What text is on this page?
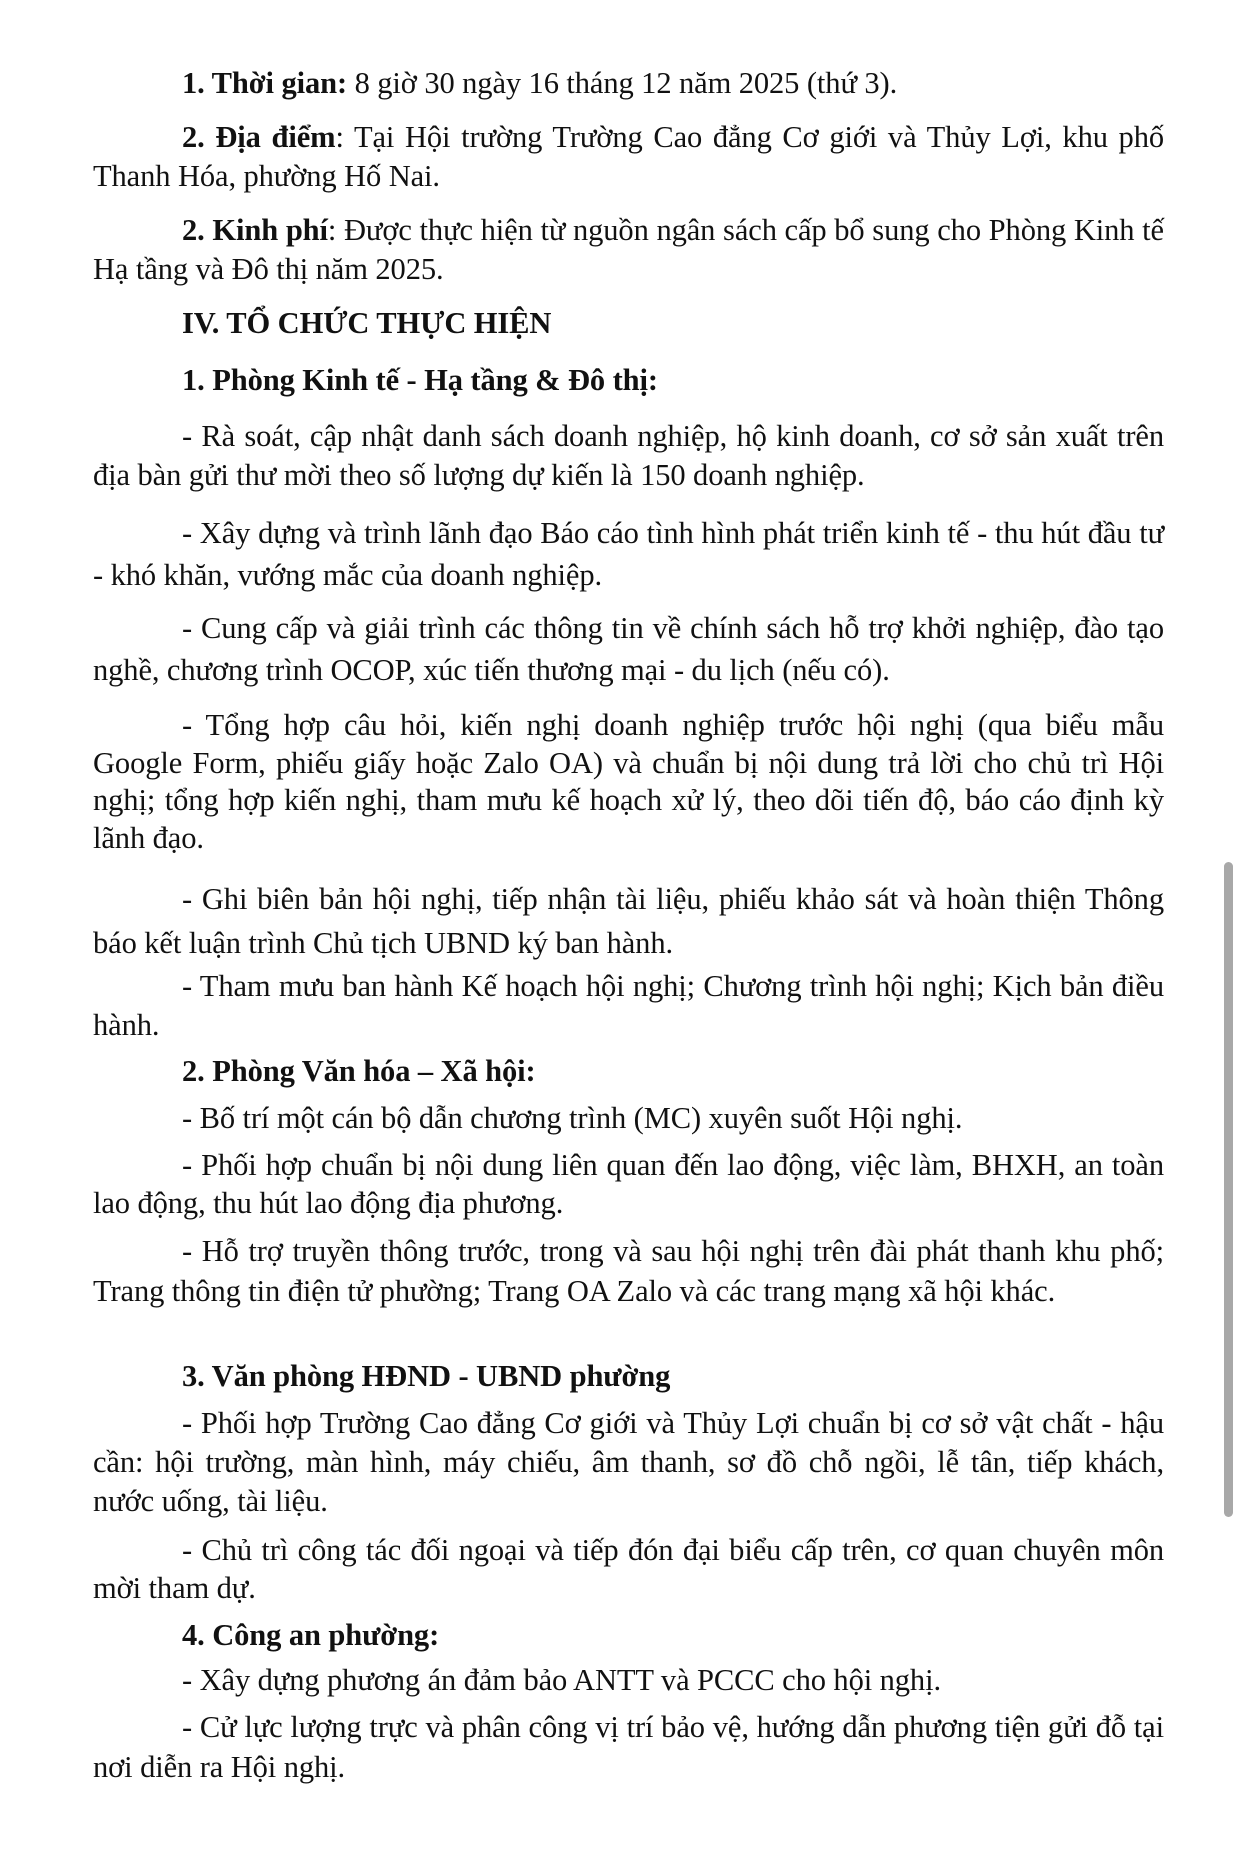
1. Thời gian: 8 giờ 30 ngày 16 tháng 12 năm 2025 (thứ 3).

2. Địa điểm: Tại Hội trường Trường Cao đẳng Cơ giới và Thủy Lợi, khu phố Thanh Hóa, phường Hố Nai.

2. Kinh phí: Được thực hiện từ nguồn ngân sách cấp bổ sung cho Phòng Kinh tế Hạ tầng và Đô thị năm 2025.

IV. TỔ CHỨC THỰC HIỆN

1. Phòng Kinh tế - Hạ tầng & Đô thị:

- Rà soát, cập nhật danh sách doanh nghiệp, hộ kinh doanh, cơ sở sản xuất trên địa bàn gửi thư mời theo số lượng dự kiến là 150 doanh nghiệp.

- Xây dựng và trình lãnh đạo Báo cáo tình hình phát triển kinh tế - thu hút đầu tư - khó khăn, vướng mắc của doanh nghiệp.

- Cung cấp và giải trình các thông tin về chính sách hỗ trợ khởi nghiệp, đào tạo nghề, chương trình OCOP, xúc tiến thương mại - du lịch (nếu có).

- Tổng hợp câu hỏi, kiến nghị doanh nghiệp trước hội nghị (qua biểu mẫu Google Form, phiếu giấy hoặc Zalo OA) và chuẩn bị nội dung trả lời cho chủ trì Hội nghị; tổng hợp kiến nghị, tham mưu kế hoạch xử lý, theo dõi tiến độ, báo cáo định kỳ lãnh đạo.

- Ghi biên bản hội nghị, tiếp nhận tài liệu, phiếu khảo sát và hoàn thiện Thông báo kết luận trình Chủ tịch UBND ký ban hành.

- Tham mưu ban hành Kế hoạch hội nghị; Chương trình hội nghị; Kịch bản điều hành.

2. Phòng Văn hóa – Xã hội:

- Bố trí một cán bộ dẫn chương trình (MC) xuyên suốt Hội nghị.

- Phối hợp chuẩn bị nội dung liên quan đến lao động, việc làm, BHXH, an toàn lao động, thu hút lao động địa phương.

- Hỗ trợ truyền thông trước, trong và sau hội nghị trên đài phát thanh khu phố; Trang thông tin điện tử phường; Trang OA Zalo và các trang mạng xã hội khác.

3. Văn phòng HĐND - UBND phường

- Phối hợp Trường Cao đẳng Cơ giới và Thủy Lợi chuẩn bị cơ sở vật chất - hậu cần: hội trường, màn hình, máy chiếu, âm thanh, sơ đồ chỗ ngồi, lễ tân, tiếp khách, nước uống, tài liệu.

- Chủ trì công tác đối ngoại và tiếp đón đại biểu cấp trên, cơ quan chuyên môn mời tham dự.

4. Công an phường:

- Xây dựng phương án đảm bảo ANTT và PCCC cho hội nghị.

- Cử lực lượng trực và phân công vị trí bảo vệ, hướng dẫn phương tiện gửi đỗ tại nơi diễn ra Hội nghị.
